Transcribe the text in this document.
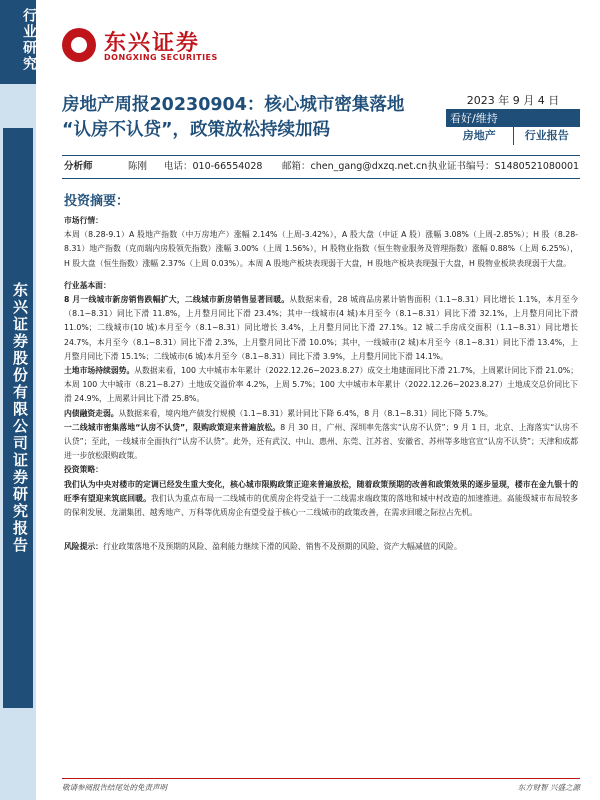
行业研究
东兴证券股份有限公司证券研究报告
东兴证券
DONGXING SECURITIES
房地产周报20230904：核心城市密集落地
“认房不认贷”，政策放松持续加码
2023 年 9 月 4 日
看好/维持
房地产	行业报告
分析师	陈刚 电话：010-66554028 邮箱：chen_gang@dxzq.net.cn 执业证书编号：S1480521080001
投资摘要：

市场行情：

本周（8.28-9.1）A 股地产指数（中万房地产）涨幅 2.14%（上周-3.42%），A 股大盘（中证 A 股）涨幅 3.08%（上周-2.85%）；H 股（8.28-8.31）地产指数（克而瑞内房股领先指数）涨幅 3.00%（上周 1.56%），H 股物业指数（恒生物业服务及管理指数）涨幅 0.88%（上周 6.25%），H 股大盘（恒生指数）涨幅 2.37%（上周 0.03%）。本周 A 股地产板块表现弱于大盘，H 股地产板块表现强于大盘，H 股物业板块表现弱于大盘。

行业基本面：

8 月一线城市新房销售跌幅扩大，二线城市新房销售显著回暖。从数据来看，28 城商品房累计销售面积（1.1~8.31）同比增长 1.1%，本月至今（8.1~8.31）同比下滑 11.8%，上月整月同比下滑 23.4%；其中一线城市(4 城)本月至今（8.1~8.31）同比下滑 32.1%，上月整月同比下滑 11.0%；二线城市(10 城)本月至今（8.1~8.31）同比增长 3.4%，上月整月同比下滑 27.1%。12 城二手房成交面积（1.1~8.31）同比增长 24.7%，本月至今（8.1~8.31）同比下滑 2.3%，上月整月同比下滑 10.0%；其中，一线城市(2 城)本月至今（8.1~8.31）同比下滑 13.4%，上月整月同比下滑 15.1%；二线城市(6 城)本月至今（8.1~8.31）同比下滑 3.9%，上月整月同比下滑 14.1%。

土地市场持续弱势。从数据来看，100 大中城市本年累计（2022.12.26~2023.8.27）成交土地建面同比下滑 21.7%，上周累计同比下滑 21.0%；本周 100 大中城市（8.21~8.27）土地成交溢价率 4.2%，上周 5.7%；100 大中城市本年累计（2022.12.26~2023.8.27）土地成交总价同比下滑 24.9%，上周累计同比下滑 25.8%。

内债融资走弱。从数据来看，境内地产债发行规模（1.1~8.31）累计同比下降 6.4%，8 月（8.1~8.31）同比下降 5.7%。

一二线城市密集落地“认房不认贷”，限购政策迎来普遍放松。8 月 30 日，广州、深圳率先落实“认房不认贷”；9 月 1 日，北京、上海落实“认房不认贷”；至此，一线城市全面执行“认房不认贷”。此外，还有武汉、中山、惠州、东莞、江苏省、安徽省、苏州等多地官宣“认房不认贷”；天津和成都进一步放松限购政策。

投资策略：

我们认为中央对楼市的定调已经发生重大变化，核心城市限购政策正迎来普遍放松，随着政策预期的改善和政策效果的逐步显现，楼市在金九银十的旺季有望迎来筑底回暖。我们认为重点布局一二线城市的优质房企将受益于一二线需求端政策的落地和城中村改造的加速推进。高能级城市布局较多的保利发展、龙湖集团、越秀地产、万科等优质房企有望受益于核心一二线城市的政策改善，在需求回暖之际拉占先机。

风险提示：行业政策落地不及预期的风险、盈利能力继续下滑的风险、销售不及预期的风险、资产大幅减值的风险。

敬请参阅报告结尾处的免责声明	东方财智 兴盛之源
